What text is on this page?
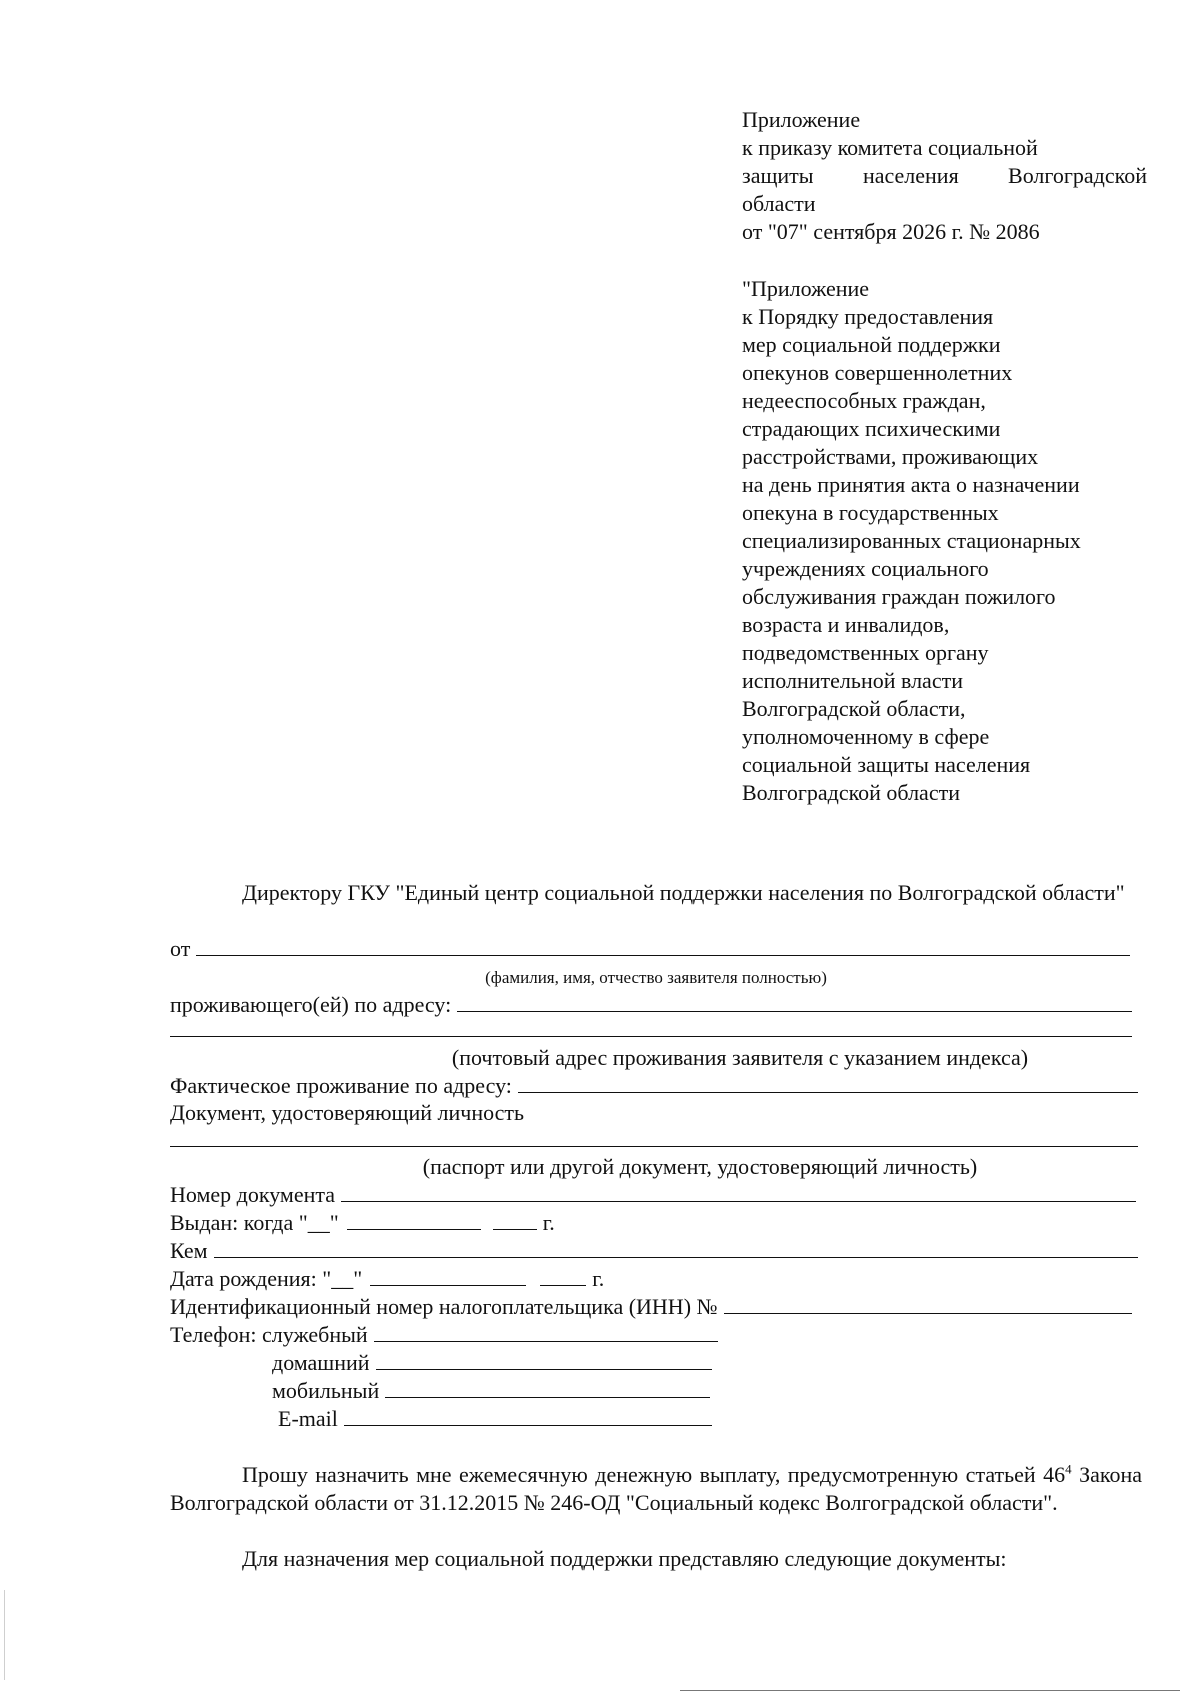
Приложение
к приказу комитета социальной
защиты населения Волгоградской
области
от "07" сентября 2026 г. № 2086
"Приложение
к Порядку предоставления
мер социальной поддержки
опекунов совершеннолетних
недееспособных граждан,
страдающих психическими
расстройствами, проживающих
на день принятия акта о назначении
опекуна в государственных
специализированных стационарных
учреждениях социального
обслуживания граждан пожилого
возраста и инвалидов,
подведомственных органу
исполнительной власти
Волгоградской области,
уполномоченному в сфере
социальной защиты населения
Волгоградской области
Директору ГКУ "Единый центр социальной поддержки населения по Волгоградской области"
от
(фамилия, имя, отчество заявителя полностью)
проживающего(ей) по адресу:
(почтовый адрес проживания заявителя с указанием индекса)
Фактическое проживание по адресу:
Документ, удостоверяющий личность
(паспорт или другой документ, удостоверяющий личность)
Номер документа
Выдан: когда "__"	г.
Кем
Дата рождения: "__"	г.
Идентификационный номер налогоплательщика (ИНН) №
Телефон: служебный
домашний
мобильный
E-mail
Прошу назначить мне ежемесячную денежную выплату, предусмотренную статьей $46^4$ Закона Волгоградской области от 31.12.2015 № 246-ОД "Социальный кодекс Волгоградской области".
Для назначения мер социальной поддержки представляю следующие документы:
